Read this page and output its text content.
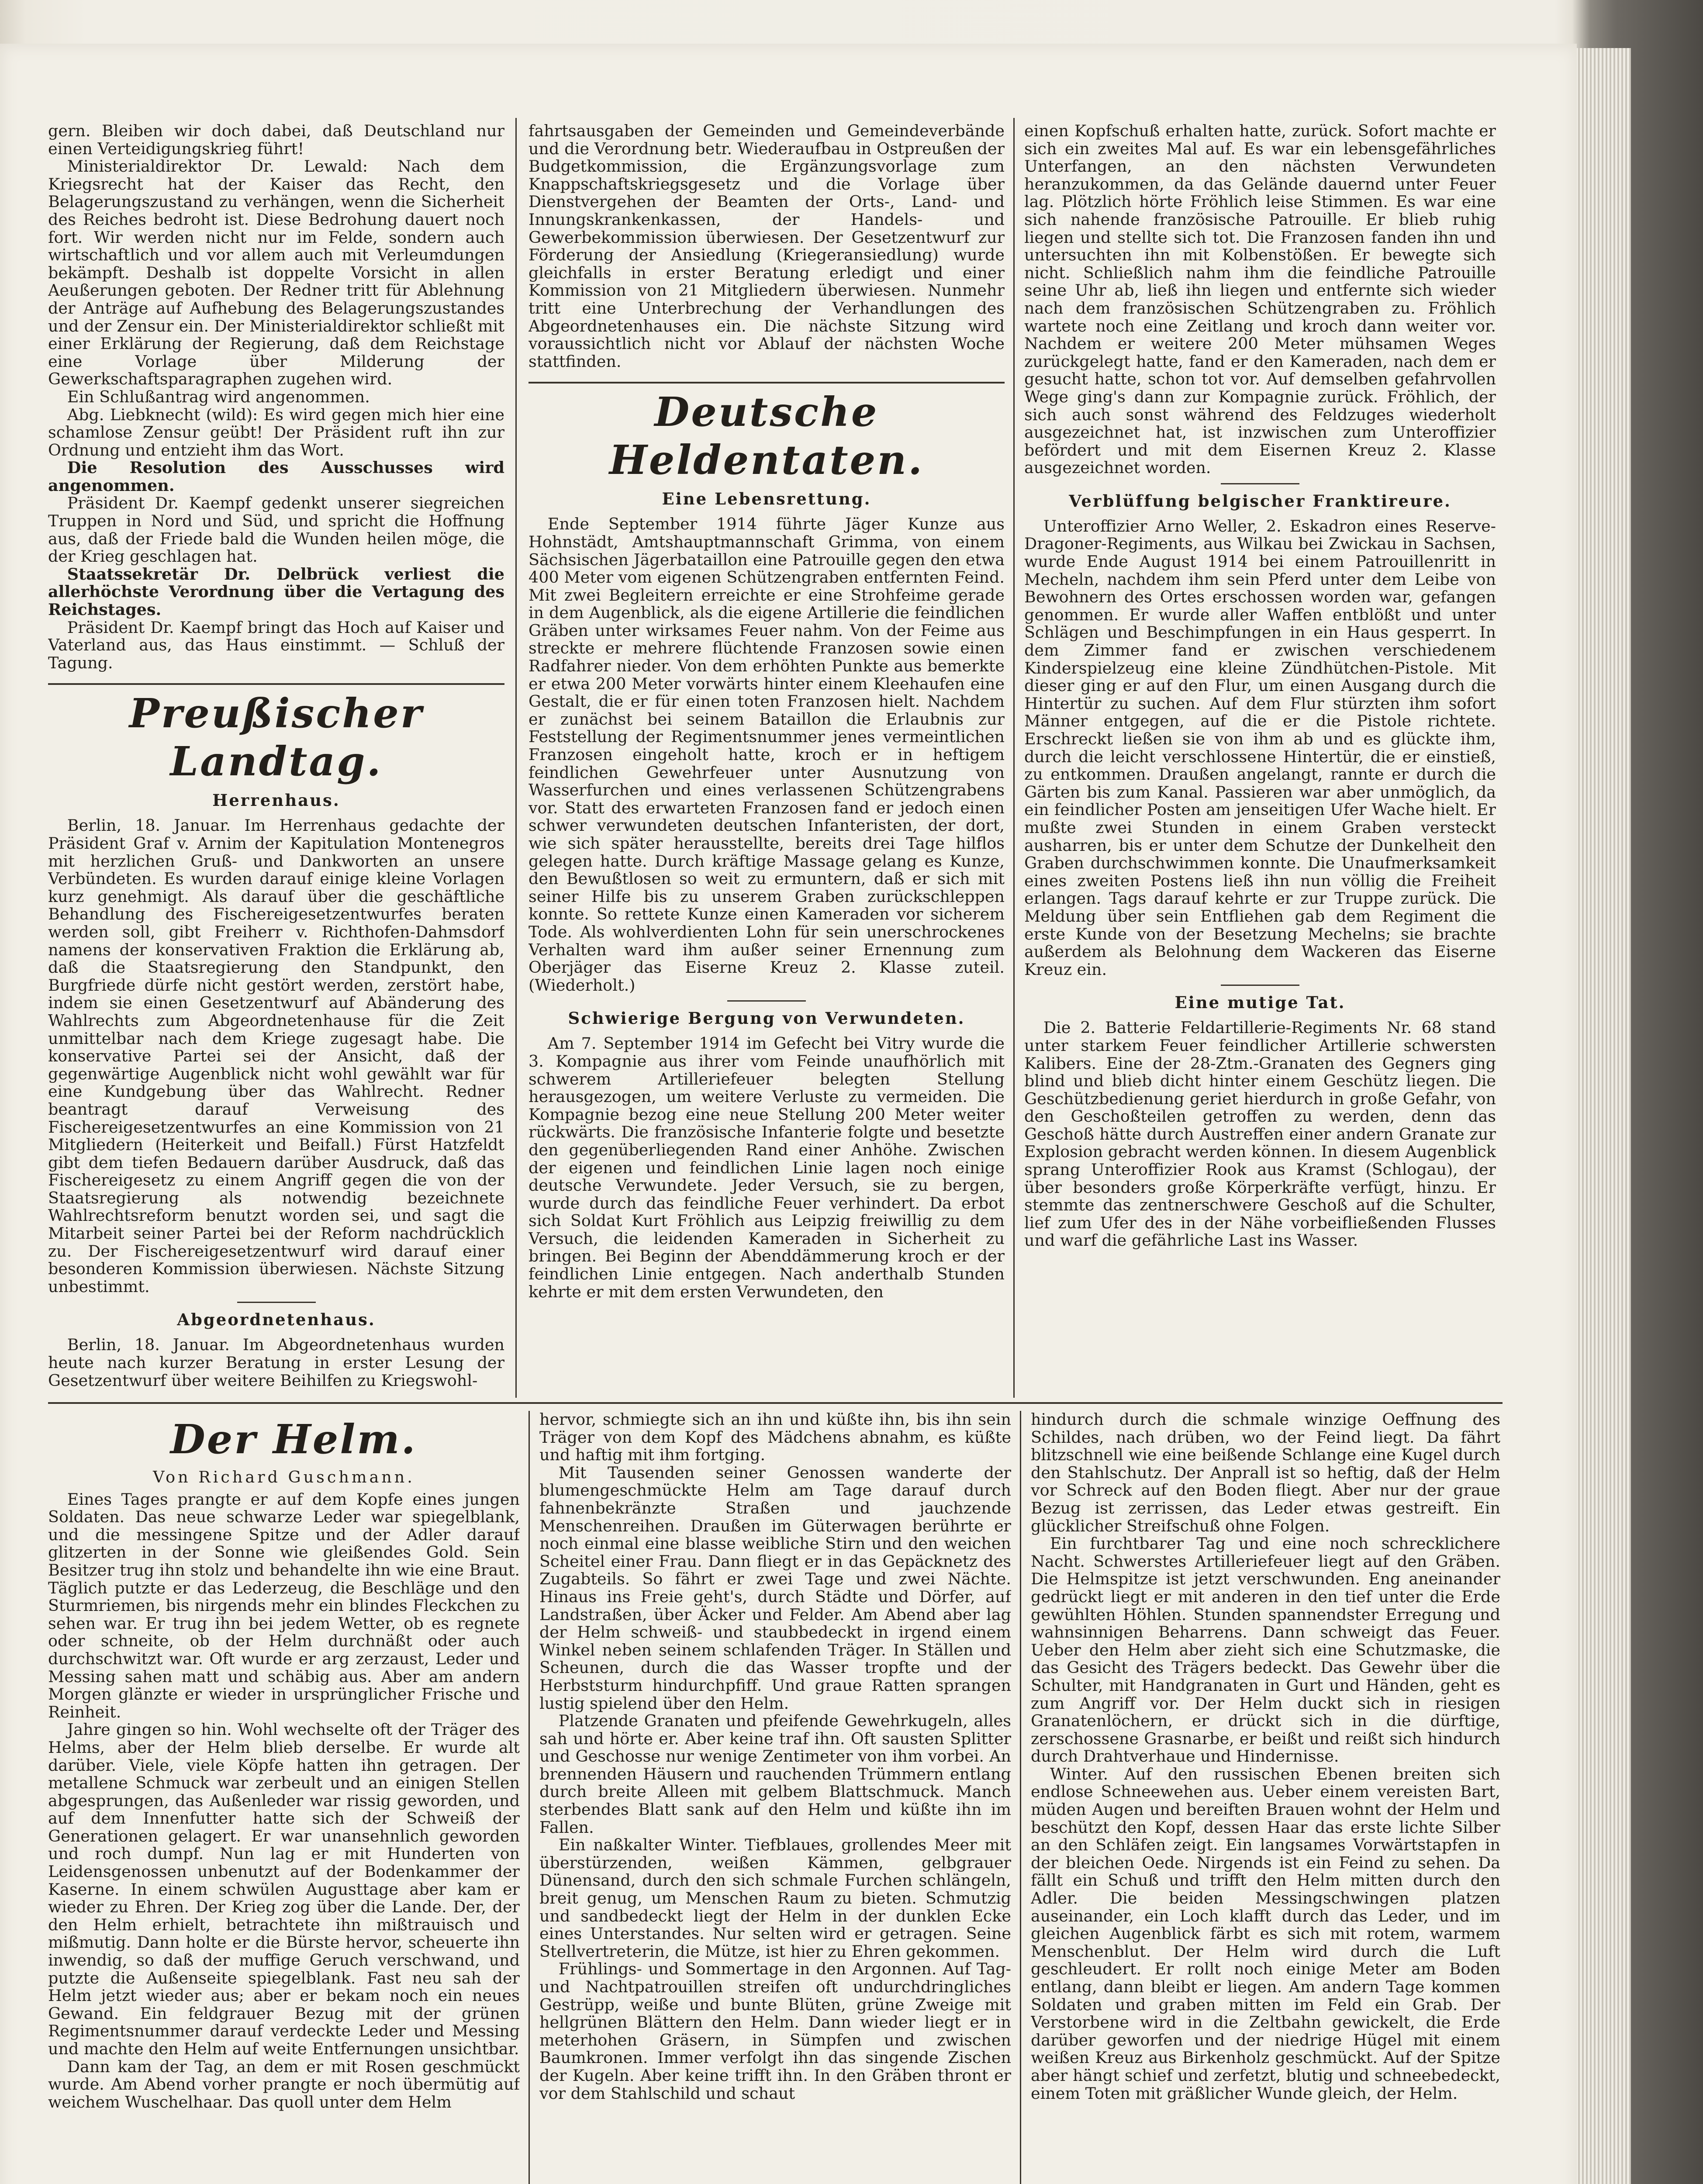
gern. Bleiben wir doch dabei, daß Deutschland nur einen Verteidigungskrieg führt!

Ministerialdirektor Dr. Lewald: Nach dem Kriegsrecht hat der Kaiser das Recht, den Belagerungszustand zu verhängen, wenn die Sicherheit des Reiches bedroht ist. Diese Bedrohung dauert noch fort. Wir werden nicht nur im Felde, sondern auch wirtschaftlich und vor allem auch mit Verleumdungen bekämpft. Deshalb ist doppelte Vorsicht in allen Aeußerungen geboten. Der Redner tritt für Ablehnung der Anträge auf Aufhebung des Belagerungszustandes und der Zensur ein. Der Ministerialdirektor schließt mit einer Erklärung der Regierung, daß dem Reichstage eine Vorlage über Milderung der Gewerkschaftsparagraphen zugehen wird.

Ein Schlußantrag wird angenommen.

Abg. Liebknecht (wild): Es wird gegen mich hier eine schamlose Zensur geübt! Der Präsident ruft ihn zur Ordnung und entzieht ihm das Wort.

Die Resolution des Ausschusses wird angenommen.

Präsident Dr. Kaempf gedenkt unserer siegreichen Truppen in Nord und Süd, und spricht die Hoffnung aus, daß der Friede bald die Wunden heilen möge, die der Krieg geschlagen hat.

Staatssekretär Dr. Delbrück verliest die allerhöchste Verordnung über die Vertagung des Reichstages.

Präsident Dr. Kaempf bringt das Hoch auf Kaiser und Vaterland aus, das Haus einstimmt. — Schluß der Tagung.

Preußischer Landtag.
Herrenhaus.

Berlin, 18. Januar. Im Herrenhaus gedachte der Präsident Graf v. Arnim der Kapitulation Montenegros mit herzlichen Gruß- und Dankworten an unsere Verbündeten. Es wurden darauf einige kleine Vorlagen kurz genehmigt. Als darauf über die geschäftliche Behandlung des Fischereigesetzentwurfes beraten werden soll, gibt Freiherr v. Richthofen-Dahmsdorf namens der konservativen Fraktion die Erklärung ab, daß die Staatsregierung den Standpunkt, den Burgfriede dürfe nicht gestört werden, zerstört habe, indem sie einen Gesetzentwurf auf Abänderung des Wahlrechts zum Abgeordnetenhause für die Zeit unmittelbar nach dem Kriege zugesagt habe. Die konservative Partei sei der Ansicht, daß der gegenwärtige Augenblick nicht wohl gewählt war für eine Kundgebung über das Wahlrecht. Redner beantragt darauf Verweisung des Fischereigesetzentwurfes an eine Kommission von 21 Mitgliedern (Heiterkeit und Beifall.) Fürst Hatzfeldt gibt dem tiefen Bedauern darüber Ausdruck, daß das Fischereigesetz zu einem Angriff gegen die von der Staatsregierung als notwendig bezeichnete Wahlrechtsreform benutzt worden sei, und sagt die Mitarbeit seiner Partei bei der Reform nachdrücklich zu. Der Fischereigesetzentwurf wird darauf einer besonderen Kommission überwiesen. Nächste Sitzung unbestimmt.

Abgeordnetenhaus.

Berlin, 18. Januar. Im Abgeordnetenhaus wurden heute nach kurzer Beratung in erster Lesung der Gesetzentwurf über weitere Beihilfen zu Kriegswohl-

fahrtsausgaben der Gemeinden und Gemeindeverbände und die Verordnung betr. Wiederaufbau in Ostpreußen der Budgetkommission, die Ergänzungsvorlage zum Knappschaftskriegsgesetz und die Vorlage über Dienstvergehen der Beamten der Orts-, Land- und Innungskrankenkassen, der Handels- und Gewerbekommission überwiesen. Der Gesetzentwurf zur Förderung der Ansiedlung (Kriegeransiedlung) wurde gleichfalls in erster Beratung erledigt und einer Kommission von 21 Mitgliedern überwiesen. Nunmehr tritt eine Unterbrechung der Verhandlungen des Abgeordnetenhauses ein. Die nächste Sitzung wird voraussichtlich nicht vor Ablauf der nächsten Woche stattfinden.

Deutsche Heldentaten.
Eine Lebensrettung.

Ende September 1914 führte Jäger Kunze aus Hohnstädt, Amtshauptmannschaft Grimma, von einem Sächsischen Jägerbataillon eine Patrouille gegen den etwa 400 Meter vom eigenen Schützengraben entfernten Feind. Mit zwei Begleitern erreichte er eine Strohfeime gerade in dem Augenblick, als die eigene Artillerie die feindlichen Gräben unter wirksames Feuer nahm. Von der Feime aus streckte er mehrere flüchtende Franzosen sowie einen Radfahrer nieder. Von dem erhöhten Punkte aus bemerkte er etwa 200 Meter vorwärts hinter einem Kleehaufen eine Gestalt, die er für einen toten Franzosen hielt. Nachdem er zunächst bei seinem Bataillon die Erlaubnis zur Feststellung der Regimentsnummer jenes vermeintlichen Franzosen eingeholt hatte, kroch er in heftigem feindlichen Gewehrfeuer unter Ausnutzung von Wasserfurchen und eines verlassenen Schützengrabens vor. Statt des erwarteten Franzosen fand er jedoch einen schwer verwundeten deutschen Infanteristen, der dort, wie sich später herausstellte, bereits drei Tage hilflos gelegen hatte. Durch kräftige Massage gelang es Kunze, den Bewußtlosen so weit zu ermuntern, daß er sich mit seiner Hilfe bis zu unserem Graben zurückschleppen konnte. So rettete Kunze einen Kameraden vor sicherem Tode. Als wohlverdienten Lohn für sein unerschrockenes Verhalten ward ihm außer seiner Ernennung zum Oberjäger das Eiserne Kreuz 2. Klasse zuteil. (Wiederholt.)

Schwierige Bergung von Verwundeten.

Am 7. September 1914 im Gefecht bei Vitry wurde die 3. Kompagnie aus ihrer vom Feinde unaufhörlich mit schwerem Artilleriefeuer belegten Stellung herausgezogen, um weitere Verluste zu vermeiden. Die Kompagnie bezog eine neue Stellung 200 Meter weiter rückwärts. Die französische Infanterie folgte und besetzte den gegenüberliegenden Rand einer Anhöhe. Zwischen der eigenen und feindlichen Linie lagen noch einige deutsche Verwundete. Jeder Versuch, sie zu bergen, wurde durch das feindliche Feuer verhindert. Da erbot sich Soldat Kurt Fröhlich aus Leipzig freiwillig zu dem Versuch, die leidenden Kameraden in Sicherheit zu bringen. Bei Beginn der Abenddämmerung kroch er der feindlichen Linie entgegen. Nach anderthalb Stunden kehrte er mit dem ersten Verwundeten, den

einen Kopfschuß erhalten hatte, zurück. Sofort machte er sich ein zweites Mal auf. Es war ein lebensgefährliches Unterfangen, an den nächsten Verwundeten heranzukommen, da das Gelände dauernd unter Feuer lag. Plötzlich hörte Fröhlich leise Stimmen. Es war eine sich nahende französische Patrouille. Er blieb ruhig liegen und stellte sich tot. Die Franzosen fanden ihn und untersuchten ihn mit Kolbenstößen. Er bewegte sich nicht. Schließlich nahm ihm die feindliche Patrouille seine Uhr ab, ließ ihn liegen und entfernte sich wieder nach dem französischen Schützengraben zu. Fröhlich wartete noch eine Zeitlang und kroch dann weiter vor. Nachdem er weitere 200 Meter mühsamen Weges zurückgelegt hatte, fand er den Kameraden, nach dem er gesucht hatte, schon tot vor. Auf demselben gefahrvollen Wege ging's dann zur Kompagnie zurück. Fröhlich, der sich auch sonst während des Feldzuges wiederholt ausgezeichnet hat, ist inzwischen zum Unteroffizier befördert und mit dem Eisernen Kreuz 2. Klasse ausgezeichnet worden.

Verblüffung belgischer Franktireure.

Unteroffizier Arno Weller, 2. Eskadron eines Reserve-Dragoner-Regiments, aus Wilkau bei Zwickau in Sachsen, wurde Ende August 1914 bei einem Patrouillenritt in Mecheln, nachdem ihm sein Pferd unter dem Leibe von Bewohnern des Ortes erschossen worden war, gefangen genommen. Er wurde aller Waffen entblößt und unter Schlägen und Beschimpfungen in ein Haus gesperrt. In dem Zimmer fand er zwischen verschiedenem Kinderspielzeug eine kleine Zündhütchen-Pistole. Mit dieser ging er auf den Flur, um einen Ausgang durch die Hintertür zu suchen. Auf dem Flur stürzten ihm sofort Männer entgegen, auf die er die Pistole richtete. Erschreckt ließen sie von ihm ab und es glückte ihm, durch die leicht verschlossene Hintertür, die er einstieß, zu entkommen. Draußen angelangt, rannte er durch die Gärten bis zum Kanal. Passieren war aber unmöglich, da ein feindlicher Posten am jenseitigen Ufer Wache hielt. Er mußte zwei Stunden in einem Graben versteckt ausharren, bis er unter dem Schutze der Dunkelheit den Graben durchschwimmen konnte. Die Unaufmerksamkeit eines zweiten Postens ließ ihn nun völlig die Freiheit erlangen. Tags darauf kehrte er zur Truppe zurück. Die Meldung über sein Entfliehen gab dem Regiment die erste Kunde von der Besetzung Mechelns; sie brachte außerdem als Belohnung dem Wackeren das Eiserne Kreuz ein.

Eine mutige Tat.

Die 2. Batterie Feldartillerie-Regiments Nr. 68 stand unter starkem Feuer feindlicher Artillerie schwersten Kalibers. Eine der 28-Ztm.-Granaten des Gegners ging blind und blieb dicht hinter einem Geschütz liegen. Die Geschützbedienung geriet hierdurch in große Gefahr, von den Geschoßteilen getroffen zu werden, denn das Geschoß hätte durch Austreffen einer andern Granate zur Explosion gebracht werden können. In diesem Augenblick sprang Unteroffizier Rook aus Kramst (Schlogau), der über besonders große Körperkräfte verfügt, hinzu. Er stemmte das zentnerschwere Geschoß auf die Schulter, lief zum Ufer des in der Nähe vorbeifließenden Flusses und warf die gefährliche Last ins Wasser.

Der Helm.
Von Richard Guschmann.

Eines Tages prangte er auf dem Kopfe eines jungen Soldaten. Das neue schwarze Leder war spiegelblank, und die messingene Spitze und der Adler darauf glitzerten in der Sonne wie gleißendes Gold. Sein Besitzer trug ihn stolz und behandelte ihn wie eine Braut. Täglich putzte er das Lederzeug, die Beschläge und den Sturmriemen, bis nirgends mehr ein blindes Fleckchen zu sehen war. Er trug ihn bei jedem Wetter, ob es regnete oder schneite, ob der Helm durchnäßt oder auch durchschwitzt war. Oft wurde er arg zerzaust, Leder und Messing sahen matt und schäbig aus. Aber am andern Morgen glänzte er wieder in ursprünglicher Frische und Reinheit.

Jahre gingen so hin. Wohl wechselte oft der Träger des Helms, aber der Helm blieb derselbe. Er wurde alt darüber. Viele, viele Köpfe hatten ihn getragen. Der metallene Schmuck war zerbeult und an einigen Stellen abgesprungen, das Außenleder war rissig geworden, und auf dem Innenfutter hatte sich der Schweiß der Generationen gelagert. Er war unansehnlich geworden und roch dumpf. Nun lag er mit Hunderten von Leidensgenossen unbenutzt auf der Bodenkammer der Kaserne. In einem schwülen Augusttage aber kam er wieder zu Ehren. Der Krieg zog über die Lande. Der, der den Helm erhielt, betrachtete ihn mißtrauisch und mißmutig. Dann holte er die Bürste hervor, scheuerte ihn inwendig, so daß der muffige Geruch verschwand, und putzte die Außenseite spiegelblank. Fast neu sah der Helm jetzt wieder aus; aber er bekam noch ein neues Gewand. Ein feldgrauer Bezug mit der grünen Regimentsnummer darauf verdeckte Leder und Messing und machte den Helm auf weite Entfernungen unsichtbar.

Dann kam der Tag, an dem er mit Rosen geschmückt wurde. Am Abend vorher prangte er noch übermütig auf weichem Wuschelhaar. Das quoll unter dem Helm

hervor, schmiegte sich an ihn und küßte ihn, bis ihn sein Träger von dem Kopf des Mädchens abnahm, es küßte und haftig mit ihm fortging.

Mit Tausenden seiner Genossen wanderte der blumengeschmückte Helm am Tage darauf durch fahnenbekränzte Straßen und jauchzende Menschenreihen. Draußen im Güterwagen berührte er noch einmal eine blasse weibliche Stirn und den weichen Scheitel einer Frau. Dann fliegt er in das Gepäcknetz des Zugabteils. So fährt er zwei Tage und zwei Nächte. Hinaus ins Freie geht's, durch Städte und Dörfer, auf Landstraßen, über Äcker und Felder. Am Abend aber lag der Helm schweiß- und staubbedeckt in irgend einem Winkel neben seinem schlafenden Träger. In Ställen und Scheunen, durch die das Wasser tropfte und der Herbststurm hindurchpfiff. Und graue Ratten sprangen lustig spielend über den Helm.

Platzende Granaten und pfeifende Gewehrkugeln, alles sah und hörte er. Aber keine traf ihn. Oft sausten Splitter und Geschosse nur wenige Zentimeter von ihm vorbei. An brennenden Häusern und rauchenden Trümmern entlang durch breite Alleen mit gelbem Blattschmuck. Manch sterbendes Blatt sank auf den Helm und küßte ihn im Fallen.

Ein naßkalter Winter. Tiefblaues, grollendes Meer mit überstürzenden, weißen Kämmen, gelbgrauer Dünensand, durch den sich schmale Furchen schlängeln, breit genug, um Menschen Raum zu bieten. Schmutzig und sandbedeckt liegt der Helm in der dunklen Ecke eines Unterstandes. Nur selten wird er getragen. Seine Stellvertreterin, die Mütze, ist hier zu Ehren gekommen.

Frühlings- und Sommertage in den Argonnen. Auf Tag- und Nachtpatrouillen streifen oft undurchdringliches Gestrüpp, weiße und bunte Blüten, grüne Zweige mit hellgrünen Blättern den Helm. Dann wieder liegt er in meterhohen Gräsern, in Sümpfen und zwischen Baumkronen. Immer verfolgt ihn das singende Zischen der Kugeln. Aber keine trifft ihn. In den Gräben thront er vor dem Stahlschild und schaut

hindurch durch die schmale winzige Oeffnung des Schildes, nach drüben, wo der Feind liegt. Da fährt blitzschnell wie eine beißende Schlange eine Kugel durch den Stahlschutz. Der Anprall ist so heftig, daß der Helm vor Schreck auf den Boden fliegt. Aber nur der graue Bezug ist zerrissen, das Leder etwas gestreift. Ein glücklicher Streifschuß ohne Folgen.

Ein furchtbarer Tag und eine noch schrecklichere Nacht. Schwerstes Artilleriefeuer liegt auf den Gräben. Die Helmspitze ist jetzt verschwunden. Eng aneinander gedrückt liegt er mit anderen in den tief unter die Erde gewühlten Höhlen. Stunden spannendster Erregung und wahnsinnigen Beharrens. Dann schweigt das Feuer. Ueber den Helm aber zieht sich eine Schutzmaske, die das Gesicht des Trägers bedeckt. Das Gewehr über die Schulter, mit Handgranaten in Gurt und Händen, geht es zum Angriff vor. Der Helm duckt sich in riesigen Granatenlöchern, er drückt sich in die dürftige, zerschossene Grasnarbe, er beißt und reißt sich hindurch durch Drahtverhaue und Hindernisse.

Winter. Auf den russischen Ebenen breiten sich endlose Schneewehen aus. Ueber einem vereisten Bart, müden Augen und bereiften Brauen wohnt der Helm und beschützt den Kopf, dessen Haar das erste lichte Silber an den Schläfen zeigt. Ein langsames Vorwärtstapfen in der bleichen Oede. Nirgends ist ein Feind zu sehen. Da fällt ein Schuß und trifft den Helm mitten durch den Adler. Die beiden Messingschwingen platzen auseinander, ein Loch klafft durch das Leder, und im gleichen Augenblick färbt es sich mit rotem, warmem Menschenblut. Der Helm wird durch die Luft geschleudert. Er rollt noch einige Meter am Boden entlang, dann bleibt er liegen. Am andern Tage kommen Soldaten und graben mitten im Feld ein Grab. Der Verstorbene wird in die Zeltbahn gewickelt, die Erde darüber geworfen und der niedrige Hügel mit einem weißen Kreuz aus Birkenholz geschmückt. Auf der Spitze aber hängt schief und zerfetzt, blutig und schneebedeckt, einem Toten mit gräßlicher Wunde gleich, der Helm.
